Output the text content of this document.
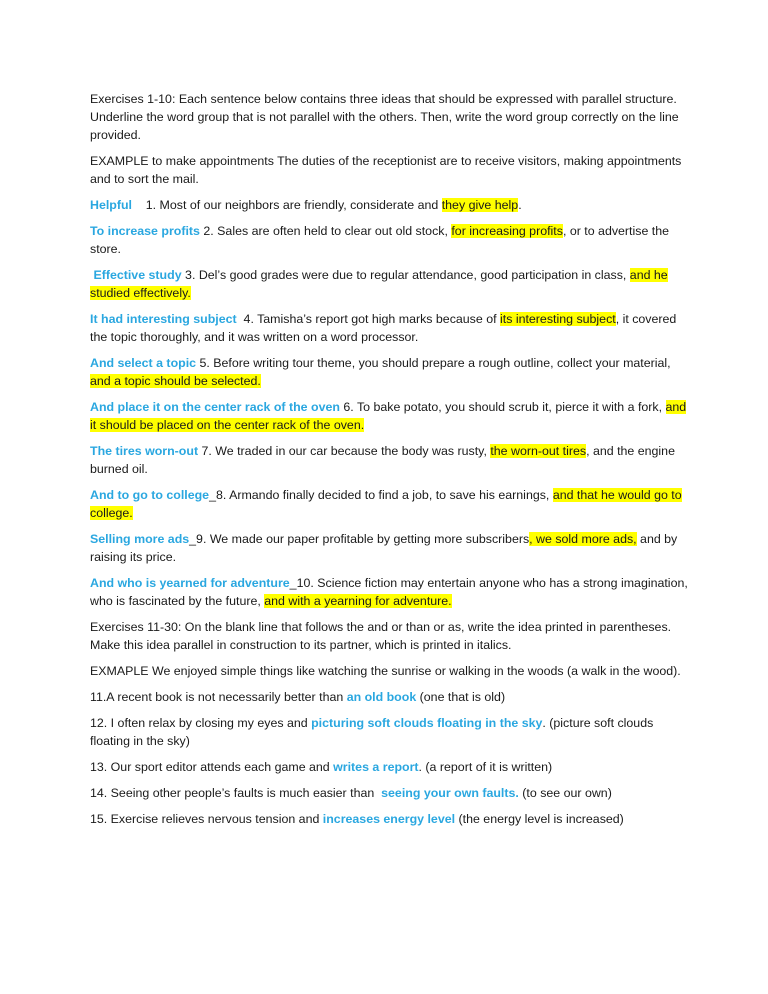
Exercises 1-10: Each sentence below contains three ideas that should be expressed with parallel structure. Underline the word group that is not parallel with the others. Then, write the word group correctly on the line provided.

EXAMPLE to make appointments The duties of the receptionist are to receive visitors, making appointments and to sort the mail.

Helpful 1. Most of our neighbors are friendly, considerate and they give help.

To increase profits 2. Sales are often held to clear out old stock, for increasing profits, or to advertise the store.

Effective study 3. Del’s good grades were due to regular attendance, good participation in class, and he studied effectively.

It had interesting subject 4. Tamisha’s report got high marks because of its interesting subject, it covered the topic thoroughly, and it was written on a word processor.

And select a topic 5. Before writing tour theme, you should prepare a rough outline, collect your material, and a topic should be selected.

And place it on the center rack of the oven 6. To bake potato, you should scrub it, pierce it with a fork, and it should be placed on the center rack of the oven.

The tires worn-out 7. We traded in our car because the body was rusty, the worn-out tires, and the engine burned oil.

And to go to college_8. Armando finally decided to find a job, to save his earnings, and that he would go to college.

Selling more ads_9. We made our paper profitable by getting more subscribers, we sold more ads, and by raising its price.

And who is yearned for adventure_10. Science fiction may entertain anyone who has a strong imagination, who is fascinated by the future, and with a yearning for adventure.

Exercises 11-30: On the blank line that follows the and or than or as, write the idea printed in parentheses. Make this idea parallel in construction to its partner, which is printed in italics.

EXMAPLE We enjoyed simple things like watching the sunrise or walking in the woods (a walk in the wood).

11.A recent book is not necessarily better than an old book (one that is old)

12. I often relax by closing my eyes and picturing soft clouds floating in the sky. (picture soft clouds floating in the sky)

13. Our sport editor attends each game and writes a report. (a report of it is written)

14. Seeing other people’s faults is much easier than  seeing your own faults. (to see our own)

15. Exercise relieves nervous tension and increases energy level (the energy level is increased)
